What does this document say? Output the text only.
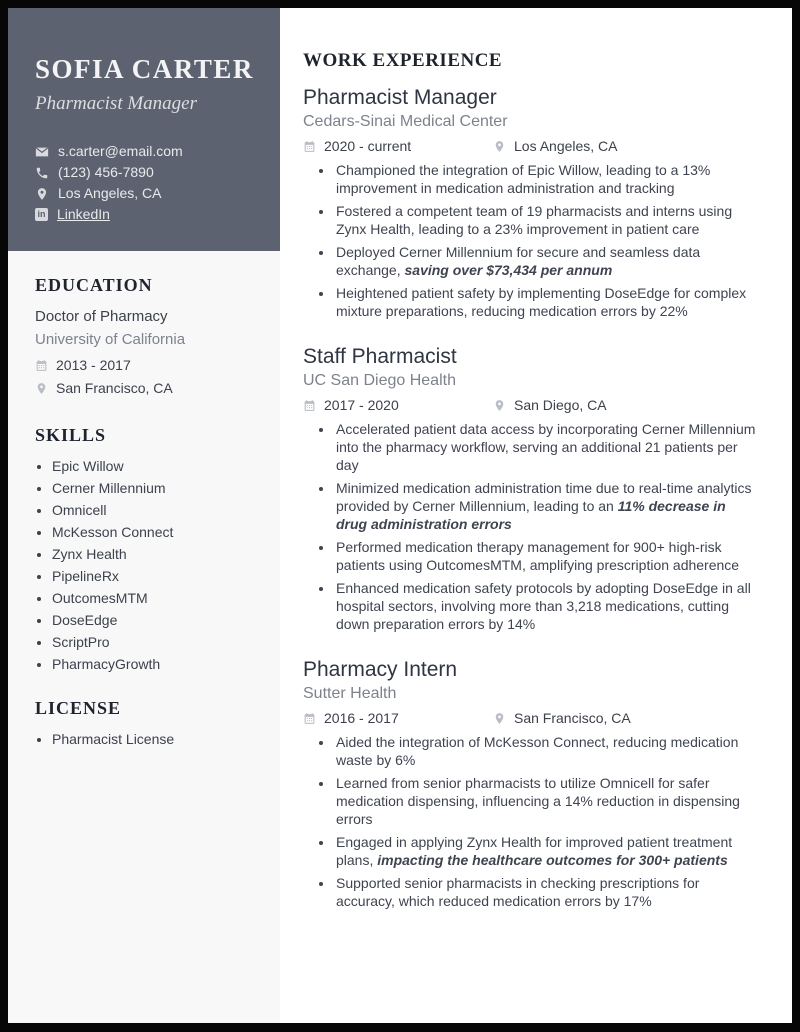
SOFIA CARTER
Pharmacist Manager
s.carter@email.com
(123) 456-7890
Los Angeles, CA
in LinkedIn
EDUCATION
Doctor of Pharmacy
University of California
2013 - 2017
San Francisco, CA
SKILLS
• Epic Willow
• Cerner Millennium
• Omnicell
• McKesson Connect
• Zynx Health
• PipelineRx
• OutcomesMTM
• DoseEdge
• ScriptPro
• PharmacyGrowth
LICENSE
• Pharmacist License
WORK EXPERIENCE
Pharmacist Manager
Cedars-Sinai Medical Center
2020 - current	Los Angeles, CA
• Championed the integration of Epic Willow, leading to a 13% improvement in medication administration and tracking
• Fostered a competent team of 19 pharmacists and interns using Zynx Health, leading to a 23% improvement in patient care
• Deployed Cerner Millennium for secure and seamless data exchange, saving over $73,434 per annum
• Heightened patient safety by implementing DoseEdge for complex mixture preparations, reducing medication errors by 22%
Staff Pharmacist
UC San Diego Health
2017 - 2020	San Diego, CA
• Accelerated patient data access by incorporating Cerner Millennium into the pharmacy workflow, serving an additional 21 patients per day
• Minimized medication administration time due to real-time analytics provided by Cerner Millennium, leading to an 11% decrease in drug administration errors
• Performed medication therapy management for 900+ high-risk patients using OutcomesMTM, amplifying prescription adherence
• Enhanced medication safety protocols by adopting DoseEdge in all hospital sectors, involving more than 3,218 medications, cutting down preparation errors by 14%
Pharmacy Intern
Sutter Health
2016 - 2017	San Francisco, CA
• Aided the integration of McKesson Connect, reducing medication waste by 6%
• Learned from senior pharmacists to utilize Omnicell for safer medication dispensing, influencing a 14% reduction in dispensing errors
• Engaged in applying Zynx Health for improved patient treatment plans, impacting the healthcare outcomes for 300+ patients
• Supported senior pharmacists in checking prescriptions for accuracy, which reduced medication errors by 17%
